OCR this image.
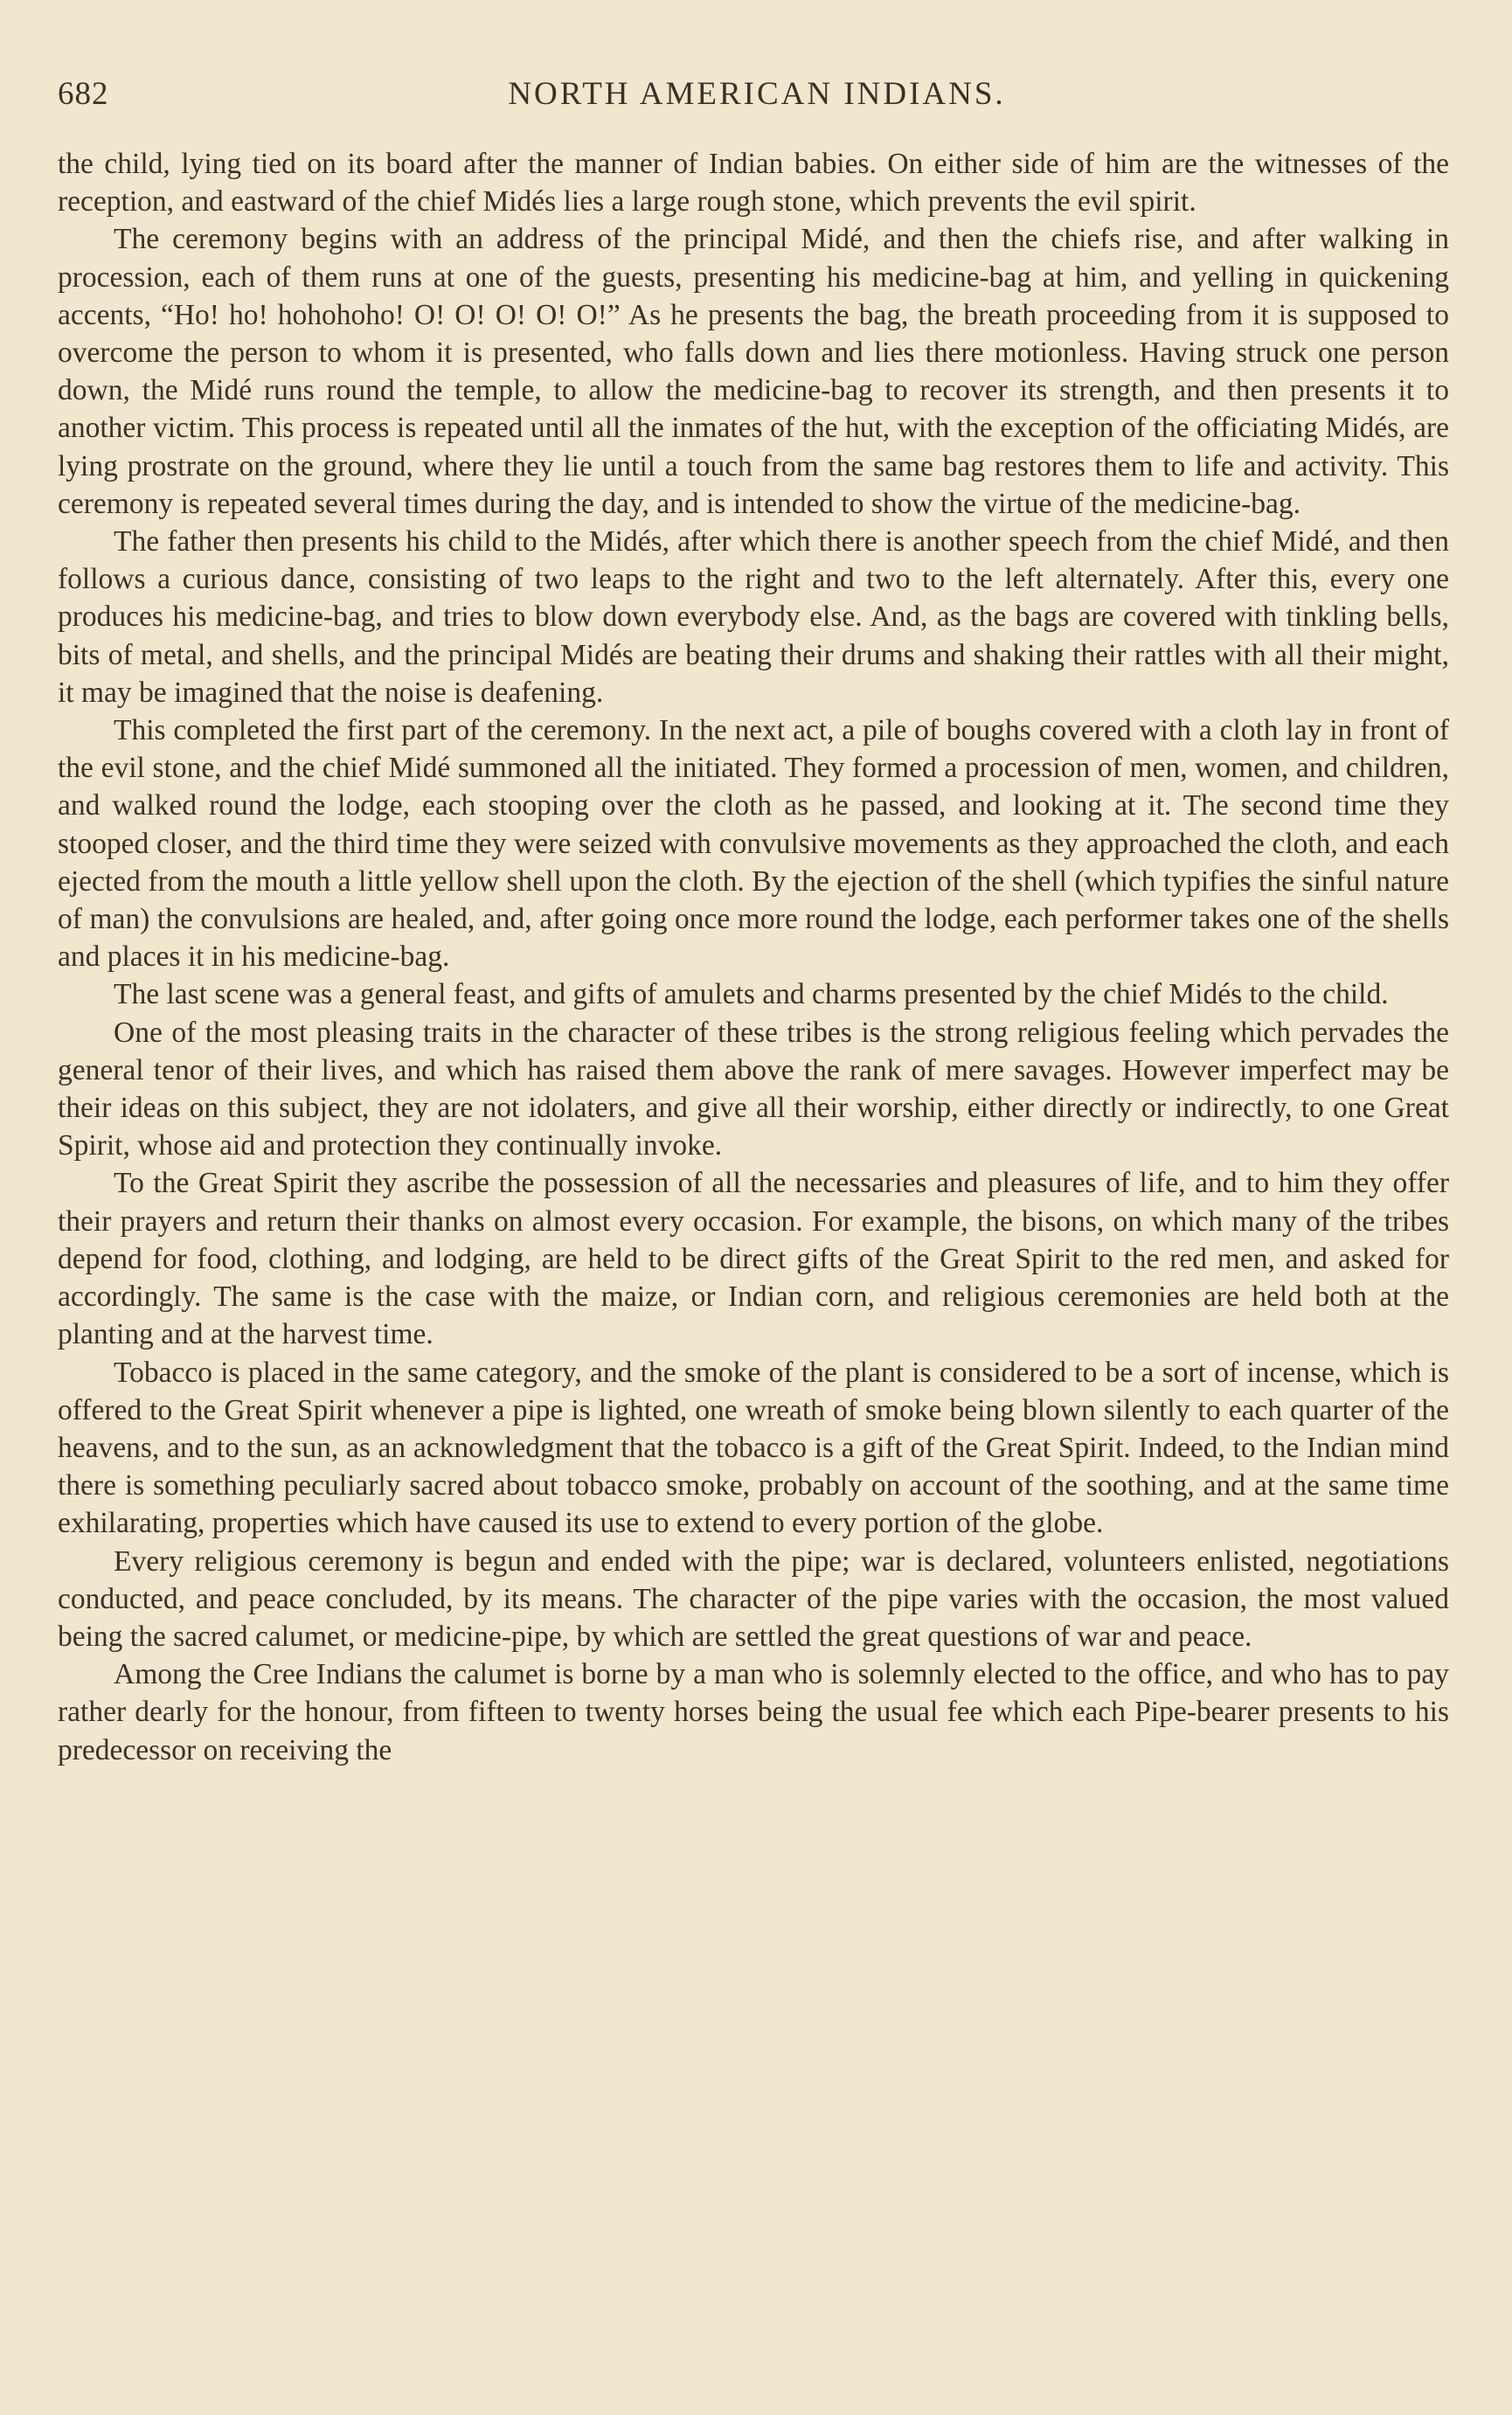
682	NORTH AMERICAN INDIANS.

the child, lying tied on its board after the manner of Indian babies. On either side of him are the witnesses of the reception, and eastward of the chief Midés lies a large rough stone, which prevents the evil spirit.

The ceremony begins with an address of the principal Midé, and then the chiefs rise, and after walking in procession, each of them runs at one of the guests, presenting his medicine-bag at him, and yelling in quickening accents, “Ho! ho! hohohoho! O! O! O! O! O!” As he presents the bag, the breath proceeding from it is supposed to overcome the person to whom it is presented, who falls down and lies there motionless. Having struck one person down, the Midé runs round the temple, to allow the medicine-bag to recover its strength, and then presents it to another victim. This process is repeated until all the inmates of the hut, with the exception of the officiating Midés, are lying prostrate on the ground, where they lie until a touch from the same bag restores them to life and activity. This ceremony is repeated several times during the day, and is intended to show the virtue of the medicine-bag.

The father then presents his child to the Midés, after which there is another speech from the chief Midé, and then follows a curious dance, consisting of two leaps to the right and two to the left alternately. After this, every one produces his medicine-bag, and tries to blow down everybody else. And, as the bags are covered with tinkling bells, bits of metal, and shells, and the principal Midés are beating their drums and shaking their rattles with all their might, it may be imagined that the noise is deafening.

This completed the first part of the ceremony. In the next act, a pile of boughs covered with a cloth lay in front of the evil stone, and the chief Midé summoned all the initiated. They formed a procession of men, women, and children, and walked round the lodge, each stooping over the cloth as he passed, and looking at it. The second time they stooped closer, and the third time they were seized with convulsive movements as they approached the cloth, and each ejected from the mouth a little yellow shell upon the cloth. By the ejection of the shell (which typifies the sinful nature of man) the convulsions are healed, and, after going once more round the lodge, each performer takes one of the shells and places it in his medicine-bag.

The last scene was a general feast, and gifts of amulets and charms presented by the chief Midés to the child.

One of the most pleasing traits in the character of these tribes is the strong religious feeling which pervades the general tenor of their lives, and which has raised them above the rank of mere savages. However imperfect may be their ideas on this subject, they are not idolaters, and give all their worship, either directly or indirectly, to one Great Spirit, whose aid and protection they continually invoke.

To the Great Spirit they ascribe the possession of all the necessaries and pleasures of life, and to him they offer their prayers and return their thanks on almost every occasion. For example, the bisons, on which many of the tribes depend for food, clothing, and lodging, are held to be direct gifts of the Great Spirit to the red men, and asked for accordingly. The same is the case with the maize, or Indian corn, and religious ceremonies are held both at the planting and at the harvest time.

Tobacco is placed in the same category, and the smoke of the plant is considered to be a sort of incense, which is offered to the Great Spirit whenever a pipe is lighted, one wreath of smoke being blown silently to each quarter of the heavens, and to the sun, as an acknowledgment that the tobacco is a gift of the Great Spirit. Indeed, to the Indian mind there is something peculiarly sacred about tobacco smoke, probably on account of the soothing, and at the same time exhilarating, properties which have caused its use to extend to every portion of the globe.

Every religious ceremony is begun and ended with the pipe; war is declared, volunteers enlisted, negotiations conducted, and peace concluded, by its means. The character of the pipe varies with the occasion, the most valued being the sacred calumet, or medicine-pipe, by which are settled the great questions of war and peace.

Among the Cree Indians the calumet is borne by a man who is solemnly elected to the office, and who has to pay rather dearly for the honour, from fifteen to twenty horses being the usual fee which each Pipe-bearer presents to his predecessor on receiving the
